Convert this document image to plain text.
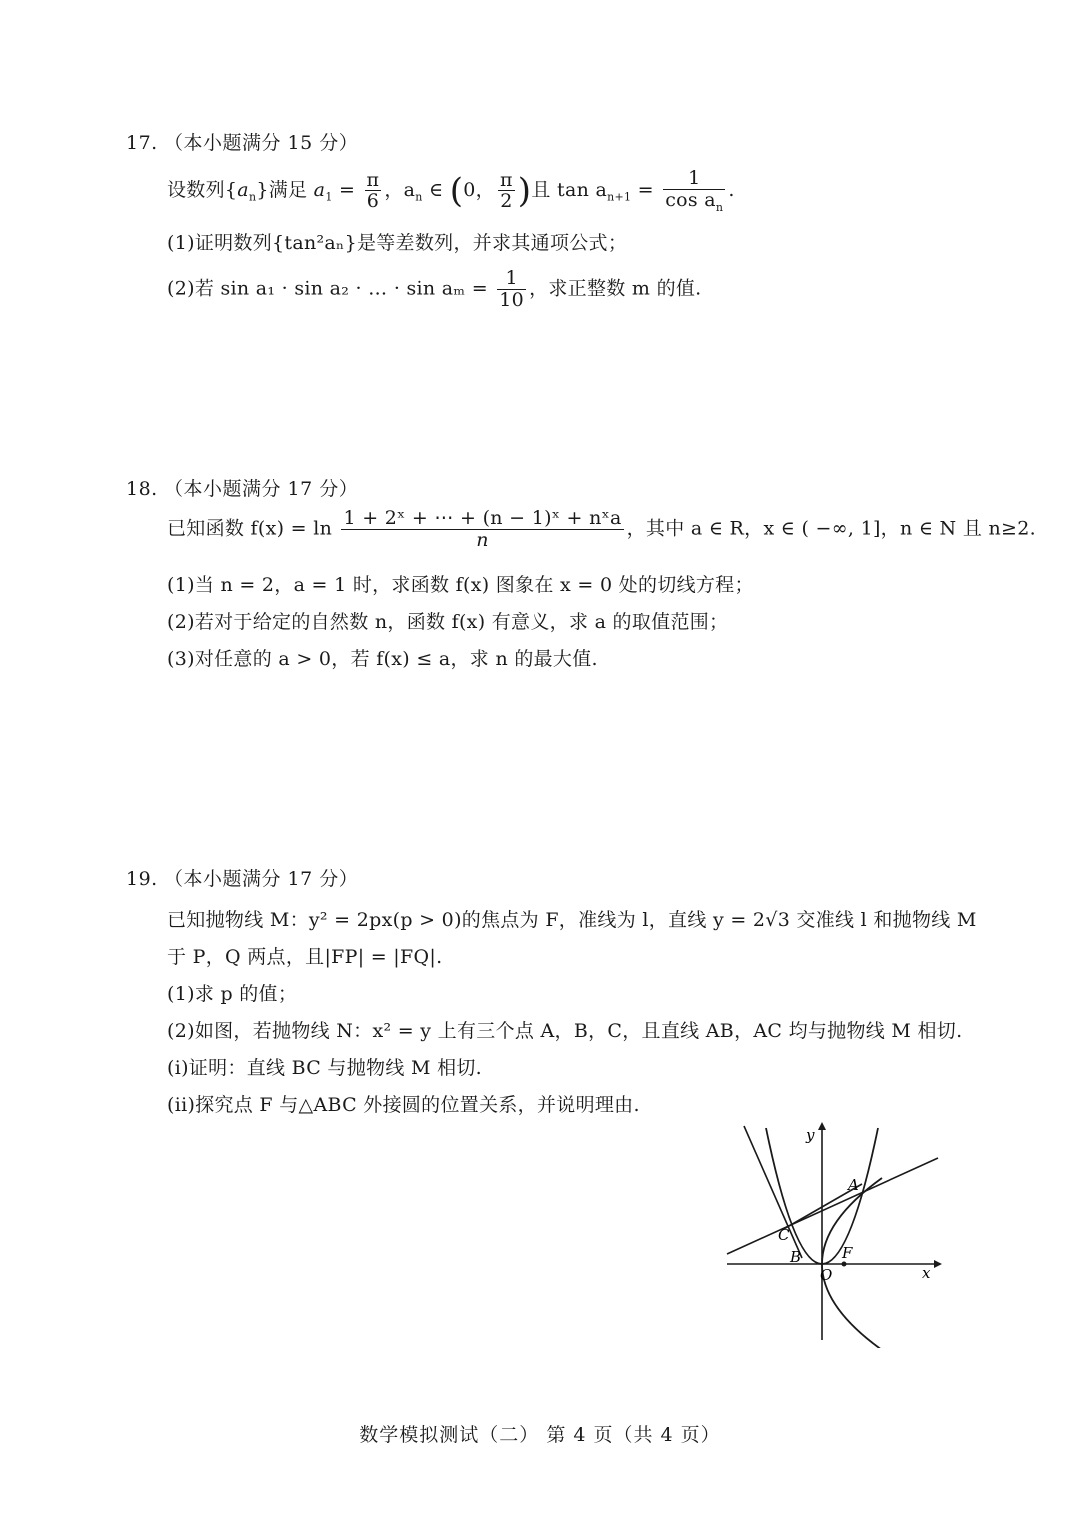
17. （本小题满分 15 分）
设数列$\{a_n\}$满足 $a_1 = \frac{\pi}{6}$ ，$a_n$ ∈ (0， $\frac{\pi}{2}$ )且 $\tan a_{n+1} = \frac{1}{\cos a_n}$ .
(1)证明数列{tan²aₙ}是等差数列，并求其通项公式；
(2)若 sin a₁ · sin a₂ · … · $\sin a_m = \frac{1}{10}$ ，求正整数 m 的值.
18. （本小题满分 17 分）
已知函数 $f(x) = \ln \frac{\text{1 + 2ˣ + ⋯ + (n − 1)ˣ + nˣa}}{n}$ ，其中 a ∈ R，x ∈ ( −∞, 1]，n ∈ N 且 n≥2.
(1)当 n = 2，a = 1 时，求函数 f(x) 图象在 x = 0 处的切线方程；
(2)若对于给定的自然数 n，函数 f(x) 有意义，求 a 的取值范围；
(3)对任意的 a > 0，若 f(x) ≤ a，求 n 的最大值.
19. （本小题满分 17 分）
已知抛物线 M：y² = 2px(p > 0)的焦点为 F，准线为 l，直线 y = 2√3 交准线 l 和抛物线 M
于 P，Q 两点，且|FP| = |FQ|.
(1)求 p 的值；
(2)如图，若抛物线 N：x² = y 上有三个点 A，B，C，且直线 AB，AC 均与抛物线 M 相切.
(i)证明：直线 BC 与抛物线 M 相切.
(ii)探究点 F 与△ABC 外接圆的位置关系，并说明理由.
y
x
A
B
C
O
F
数学模拟测试（二） 第 4 页（共 4 页）
